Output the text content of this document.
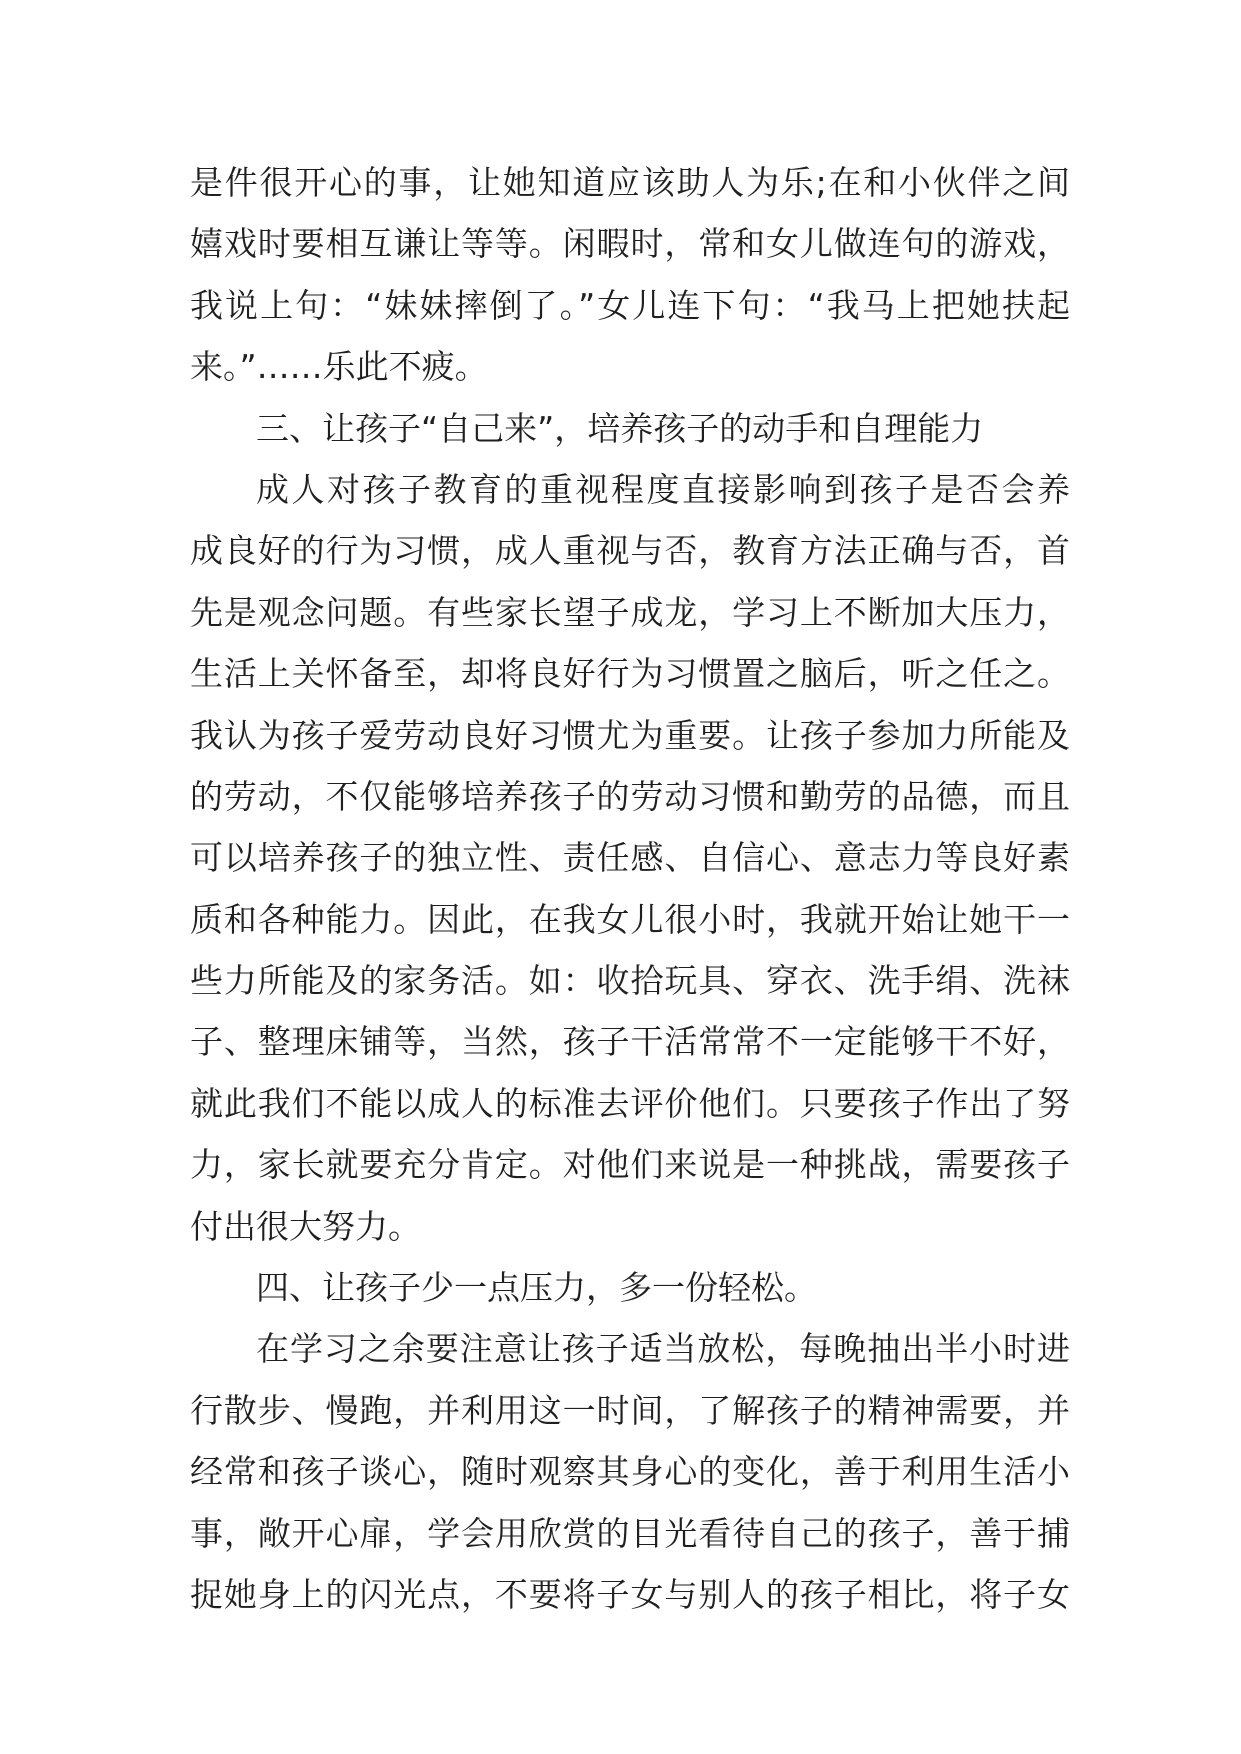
是件很开心的事，让她知道应该助人为乐;在和小伙伴之间
嬉戏时要相互谦让等等。闲暇时，常和女儿做连句的游戏，
我说上句：“妹妹摔倒了。”女儿连下句：“我马上把她扶起
来。”……乐此不疲。
三、让孩子“自己来”，培养孩子的动手和自理能力
成人对孩子教育的重视程度直接影响到孩子是否会养
成良好的行为习惯，成人重视与否，教育方法正确与否，首
先是观念问题。有些家长望子成龙，学习上不断加大压力，
生活上关怀备至，却将良好行为习惯置之脑后，听之任之。
我认为孩子爱劳动良好习惯尤为重要。让孩子参加力所能及
的劳动，不仅能够培养孩子的劳动习惯和勤劳的品德，而且
可以培养孩子的独立性、责任感、自信心、意志力等良好素
质和各种能力。因此，在我女儿很小时，我就开始让她干一
些力所能及的家务活。如：收拾玩具、穿衣、洗手绢、洗袜
子、整理床铺等，当然，孩子干活常常不一定能够干不好，
就此我们不能以成人的标准去评价他们。只要孩子作出了努
力，家长就要充分肯定。对他们来说是一种挑战，需要孩子
付出很大努力。
四、让孩子少一点压力，多一份轻松。
在学习之余要注意让孩子适当放松，每晚抽出半小时进
行散步、慢跑，并利用这一时间，了解孩子的精神需要，并
经常和孩子谈心，随时观察其身心的变化，善于利用生活小
事，敞开心扉，学会用欣赏的目光看待自己的孩子，善于捕
捉她身上的闪光点，不要将子女与别人的孩子相比，将子女
